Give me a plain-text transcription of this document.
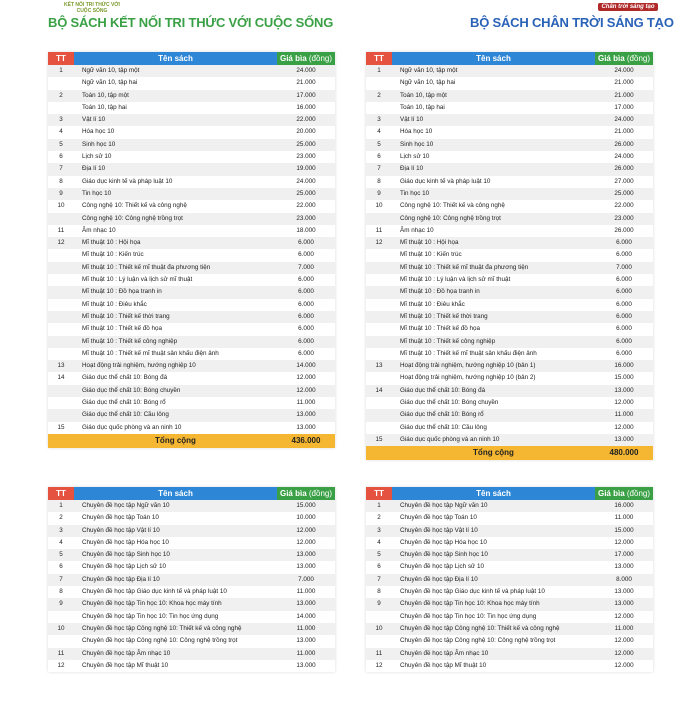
KẾT NỐI TRI THỨC VỚI CUỘC SỐNG
Chân trời sáng tạo
BỘ SÁCH KẾT NỐI TRI THỨC VỚI CUỘC SỐNG	BỘ SÁCH CHÂN TRỜI SÁNG TẠO
TT	Tên sách	Giá bìa (đồng)
1	Ngữ văn 10, tập một	24.000
	Ngữ văn 10, tập hai	21.000
2	Toán 10, tập một	17.000
	Toán 10, tập hai	16.000
3	Vật lí 10	22.000
4	Hóa học 10	20.000
5	Sinh học 10	25.000
6	Lịch sử 10	23.000
7	Địa lí 10	19.000
8	Giáo dục kinh tế và pháp luật 10	24.000
9	Tin học 10	25.000
10	Công nghệ 10: Thiết kế và công nghệ	22.000
	Công nghệ 10: Công nghệ trồng trọt	23.000
11	Âm nhạc 10	18.000
12	Mĩ thuật 10 : Hội họa	6.000
	Mĩ thuật 10 : Kiến trúc	6.000
	Mĩ thuật 10 : Thiết kế mĩ thuật đa phương tiện	7.000
	Mĩ thuật 10 : Lý luận và lịch sử mĩ thuật	6.000
	Mĩ thuật 10 : Đồ họa tranh in	6.000
	Mĩ thuật 10 : Điêu khắc	6.000
	Mĩ thuật 10 : Thiết kế thời trang	6.000
	Mĩ thuật 10 : Thiết kế đồ họa	6.000
	Mĩ thuật 10 : Thiết kế công nghiệp	6.000
	Mĩ thuật 10 : Thiết kế mĩ thuật sân khấu điện ảnh	6.000
13	Hoạt động trải nghiệm, hướng nghiệp 10	14.000
14	Giáo dục thể chất 10: Bóng đá	12.000
	Giáo dục thể chất 10: Bóng chuyền	12.000
	Giáo dục thể chất 10: Bóng rổ	11.000
	Giáo dục thể chất 10: Cầu lông	13.000
15	Giáo dục quốc phòng và an ninh 10	13.000
	Tổng cộng	436.000
TT	Tên sách	Giá bìa (đồng)
1	Ngữ văn 10, tập một	24.000
	Ngữ văn 10, tập hai	21.000
2	Toán 10, tập một	21.000
	Toán 10, tập hai	17.000
3	Vật lí 10	24.000
4	Hóa học 10	21.000
5	Sinh học 10	26.000
6	Lịch sử 10	24.000
7	Địa lí 10	26.000
8	Giáo dục kinh tế và pháp luật 10	27.000
9	Tin học 10	25.000
10	Công nghệ 10: Thiết kế và công nghệ	22.000
	Công nghệ 10: Công nghệ trồng trọt	23.000
11	Âm nhạc 10	26.000
12	Mĩ thuật 10 : Hội họa	6.000
	Mĩ thuật 10 : Kiến trúc	6.000
	Mĩ thuật 10 : Thiết kế mĩ thuật đa phương tiện	7.000
	Mĩ thuật 10 : Lý luận và lịch sử mĩ thuật	6.000
	Mĩ thuật 10 : Đồ họa tranh in	6.000
	Mĩ thuật 10 : Điêu khắc	6.000
	Mĩ thuật 10 : Thiết kế thời trang	6.000
	Mĩ thuật 10 : Thiết kế đồ họa	6.000
	Mĩ thuật 10 : Thiết kế công nghiệp	6.000
	Mĩ thuật 10 : Thiết kế mĩ thuật sân khấu điện ảnh	6.000
13	Hoạt động trải nghiệm, hướng nghiệp 10 (bản 1)	16.000
	Hoạt động trải nghiệm, hướng nghiệp 10 (bản 2)	15.000
14	Giáo dục thể chất 10: Bóng đá	13.000
	Giáo dục thể chất 10: Bóng chuyền	12.000
	Giáo dục thể chất 10: Bóng rổ	11.000
	Giáo dục thể chất 10: Cầu lông	12.000
15	Giáo dục quốc phòng và an ninh 10	13.000
	Tổng cộng	480.000
TT	Tên sách	Giá bìa (đồng)
1	Chuyên đề học tập Ngữ văn 10	15.000
2	Chuyên đề học tập Toán 10	10.000
3	Chuyên đề học tập Vật lí 10	12.000
4	Chuyên đề học tập Hóa học 10	12.000
5	Chuyên đề học tập Sinh học 10	13.000
6	Chuyên đề học tập Lịch sử 10	13.000
7	Chuyên đề học tập Địa lí 10	7.000
8	Chuyên đề học tập Giáo dục kinh tế và pháp luật 10	11.000
9	Chuyên đề học tập Tin học 10: Khoa học máy tính	13.000
	Chuyên đề học tập Tin học 10: Tin học ứng dụng	14.000
10	Chuyên đề học tập Công nghệ 10: Thiết kế và công nghệ	11.000
	Chuyên đề học tập Công nghệ 10: Công nghệ trồng trọt	13.000
11	Chuyên đề học tập Âm nhạc 10	11.000
12	Chuyên đề học tập Mĩ thuật 10	13.000
TT	Tên sách	Giá bìa (đồng)
1	Chuyên đề học tập Ngữ văn 10	16.000
2	Chuyên đề học tập Toán 10	11.000
3	Chuyên đề học tập Vật lí 10	15.000
4	Chuyên đề học tập Hóa học 10	12.000
5	Chuyên đề học tập Sinh học 10	17.000
6	Chuyên đề học tập Lịch sử 10	13.000
7	Chuyên đề học tập Địa lí 10	8.000
8	Chuyên đề học tập Giáo dục kinh tế và pháp luật 10	13.000
9	Chuyên đề học tập Tin học 10: Khoa học máy tính	13.000
	Chuyên đề học tập Tin học 10: Tin học ứng dụng	12.000
10	Chuyên đề học tập Công nghệ 10: Thiết kế và công nghệ	11.000
	Chuyên đề học tập Công nghệ 10: Công nghệ trồng trọt	12.000
11	Chuyên đề học tập Âm nhạc 10	12.000
12	Chuyên đề học tập Mĩ thuật 10	12.000
